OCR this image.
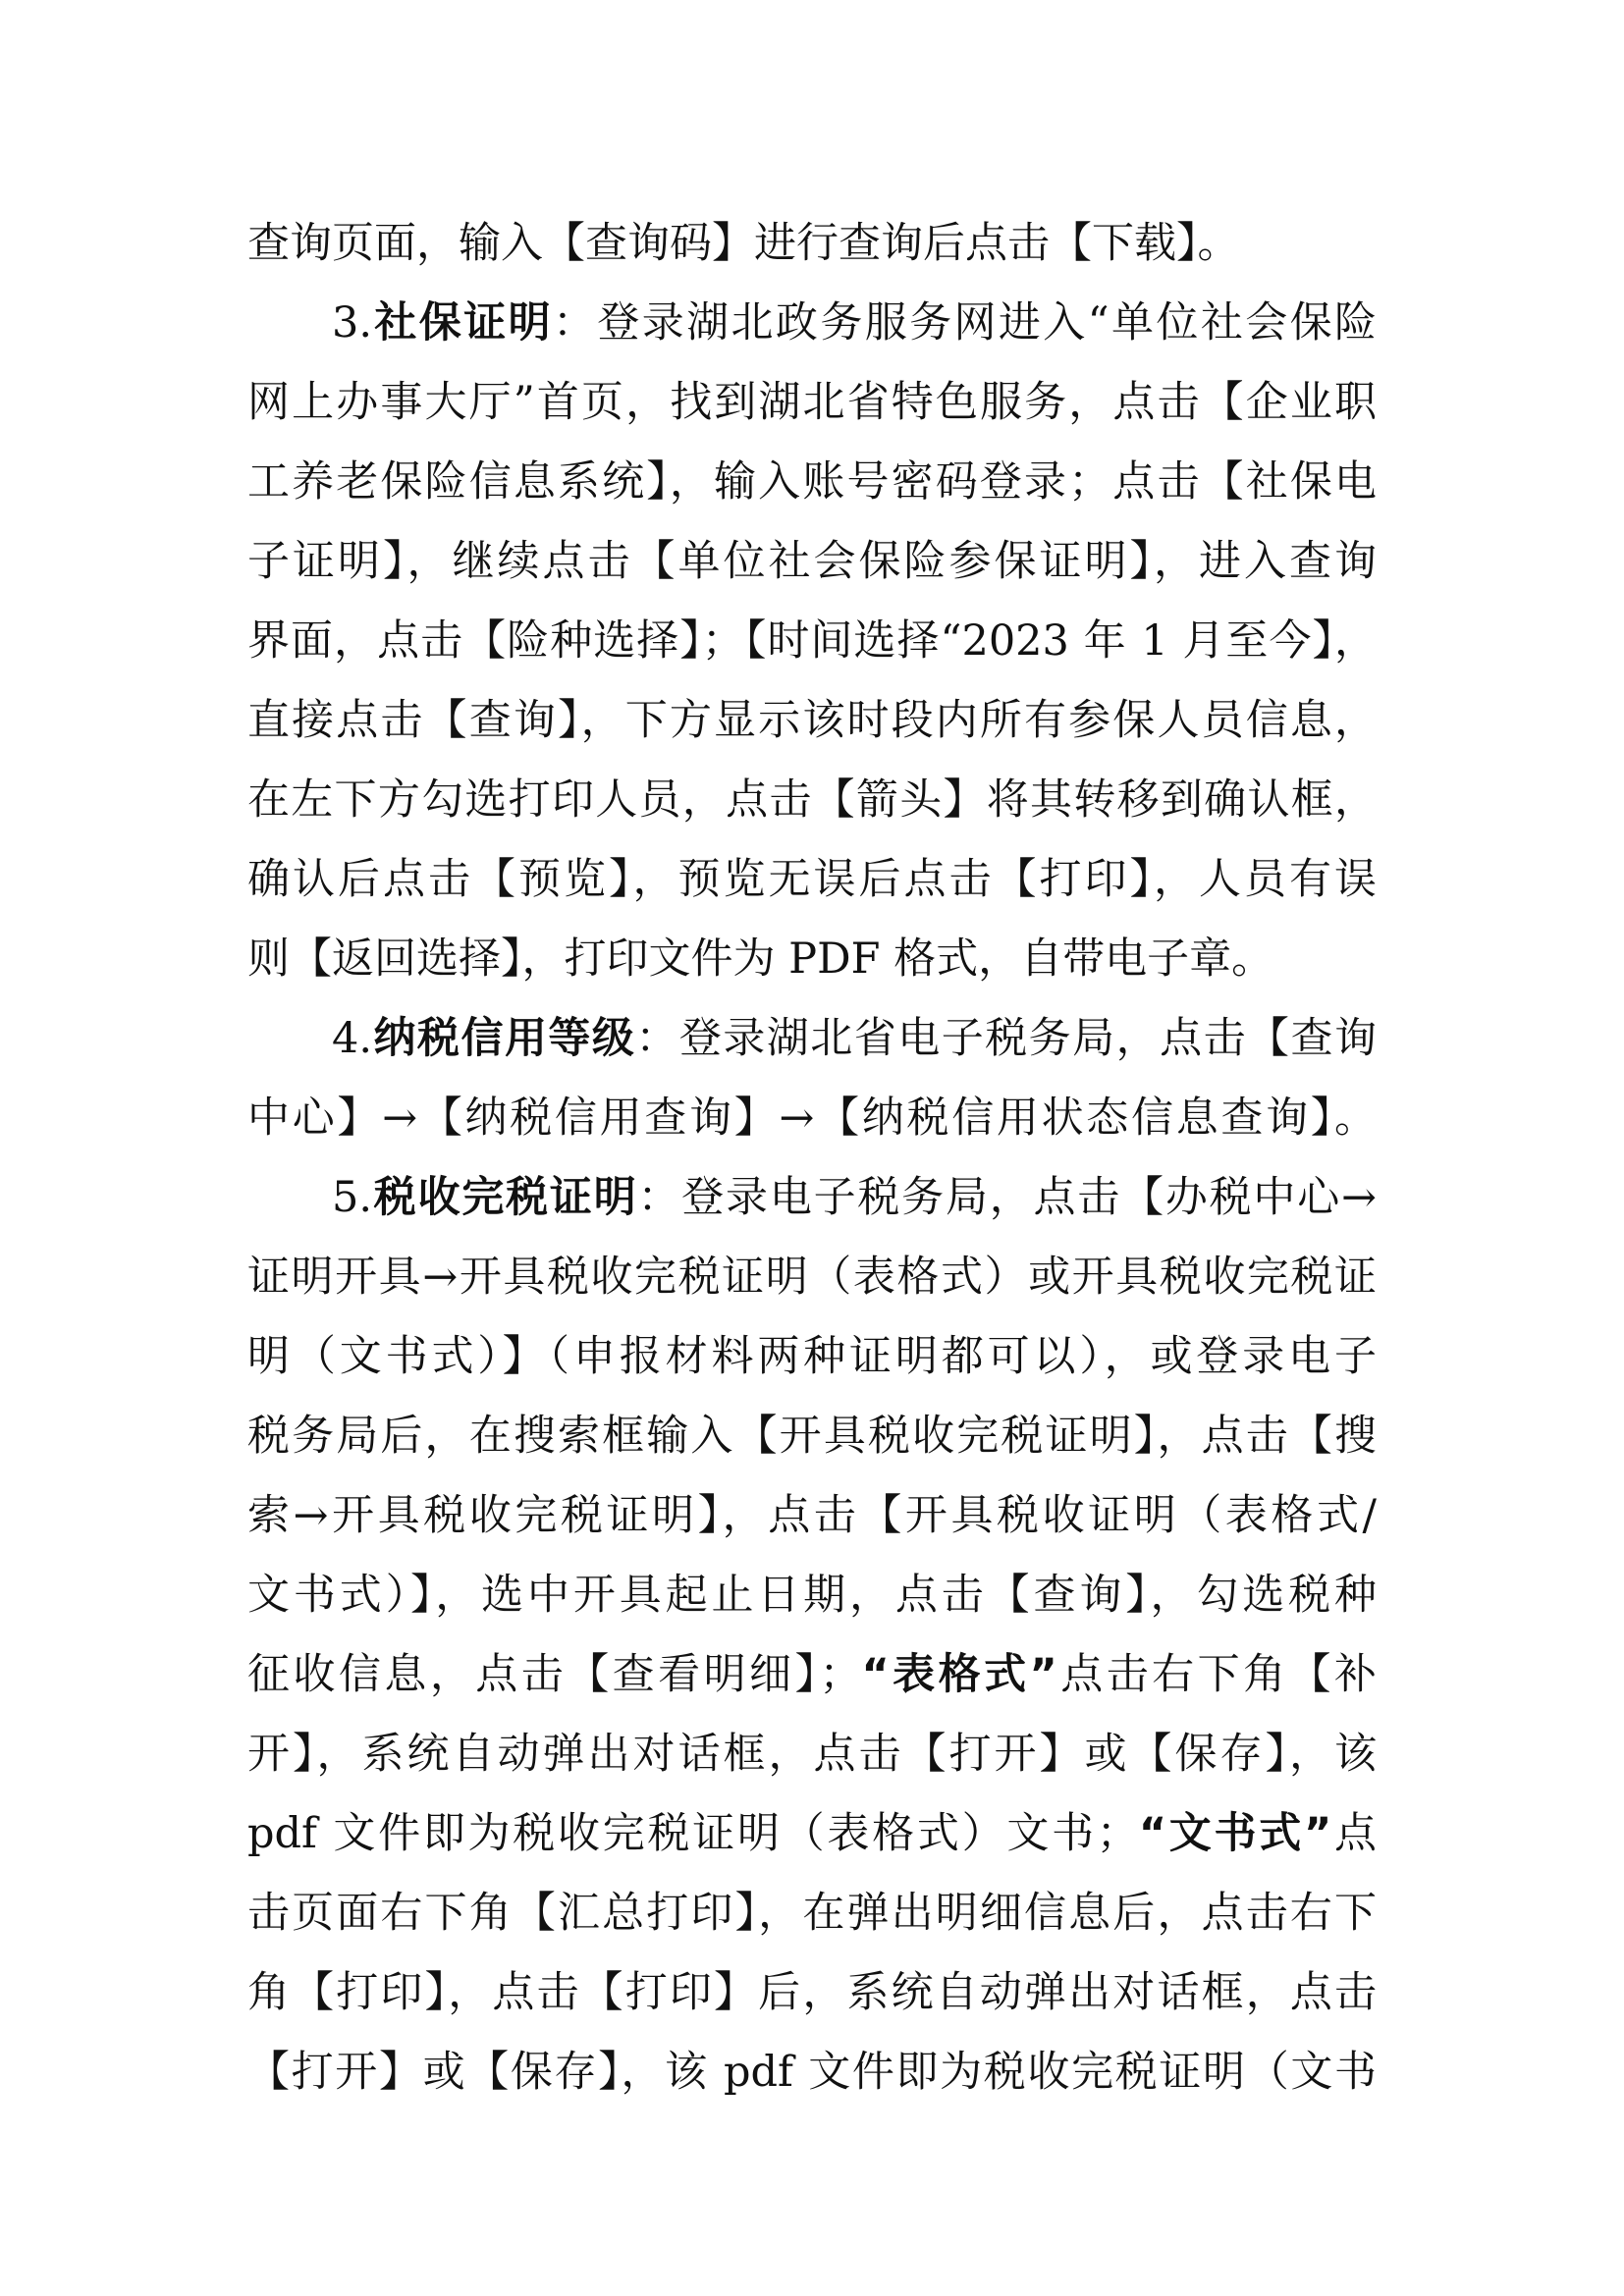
查询页面，输入【查询码】进行查询后点击【下载】。
3.社保证明：登录湖北政务服务网进入“单位社会保险
网上办事大厅”首页，找到湖北省特色服务，点击【企业职
工养老保险信息系统】，输入账号密码登录；点击【社保电
子证明】，继续点击【单位社会保险参保证明】，进入查询
界面，点击【险种选择】；【时间选择“2023 年 1 月至今】，
直接点击【查询】，下方显示该时段内所有参保人员信息，
在左下方勾选打印人员，点击【箭头】将其转移到确认框，
确认后点击【预览】，预览无误后点击【打印】，人员有误
则【返回选择】，打印文件为 PDF 格式，自带电子章。
4.纳税信用等级：登录湖北省电子税务局，点击【查询
中心】→【纳税信用查询】→【纳税信用状态信息查询】。
5.税收完税证明：登录电子税务局，点击【办税中心→
证明开具→开具税收完税证明（表格式）或开具税收完税证
明（文书式）】（申报材料两种证明都可以），或登录电子
税务局后，在搜索框输入【开具税收完税证明】，点击【搜
索→开具税收完税证明】，点击【开具税收证明（表格式/
文书式）】，选中开具起止日期，点击【查询】，勾选税种
征收信息，点击【查看明细】；“表格式”点击右下角【补
开】，系统自动弹出对话框，点击【打开】或【保存】，该
pdf 文件即为税收完税证明（表格式）文书；“文书式”点
击页面右下角【汇总打印】，在弹出明细信息后，点击右下
角【打印】，点击【打印】后，系统自动弹出对话框，点击
【打开】或【保存】，该 pdf 文件即为税收完税证明（文书
